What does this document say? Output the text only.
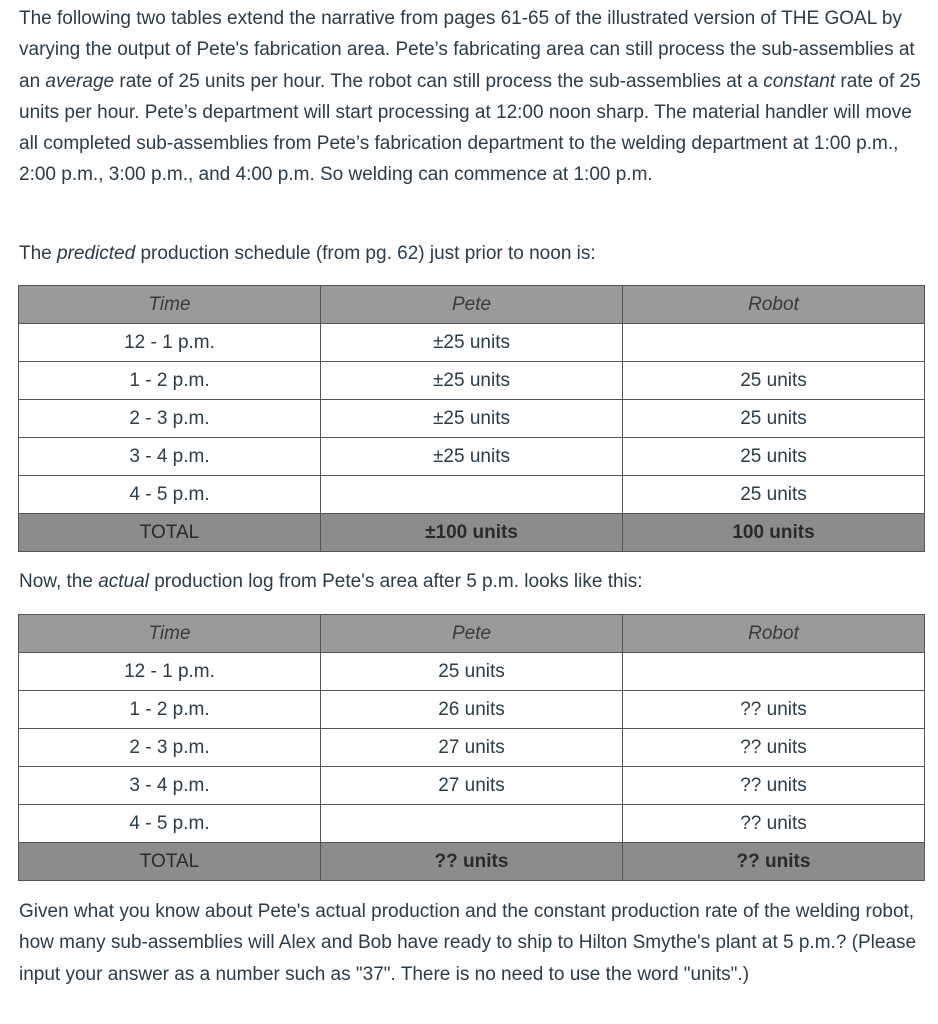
The following two tables extend the narrative from pages 61-65 of the illustrated version of THE GOAL by varying the output of Pete's fabrication area. Pete’s fabricating area can still process the sub-assemblies at an average rate of 25 units per hour. The robot can still process the sub-assemblies at a constant rate of 25 units per hour. Pete’s department will start processing at 12:00 noon sharp. The material handler will move all completed sub-assemblies from Pete’s fabrication department to the welding department at 1:00 p.m., 2:00 p.m., 3:00 p.m., and 4:00 p.m. So welding can commence at 1:00 p.m.

The predicted production schedule (from pg. 62) just prior to noon is:

Time	Pete	Robot
12 - 1 p.m.	±25 units	
1 - 2 p.m.	±25 units	25 units
2 - 3 p.m.	±25 units	25 units
3 - 4 p.m.	±25 units	25 units
4 - 5 p.m.		25 units
TOTAL	±100 units	100 units

Now, the actual production log from Pete's area after 5 p.m. looks like this:

Time	Pete	Robot
12 - 1 p.m.	25 units	
1 - 2 p.m.	26 units	?? units
2 - 3 p.m.	27 units	?? units
3 - 4 p.m.	27 units	?? units
4 - 5 p.m.		?? units
TOTAL	?? units	?? units

Given what you know about Pete's actual production and the constant production rate of the welding robot, how many sub-assemblies will Alex and Bob have ready to ship to Hilton Smythe's plant at 5 p.m.? (Please input your answer as a number such as "37". There is no need to use the word "units".)
